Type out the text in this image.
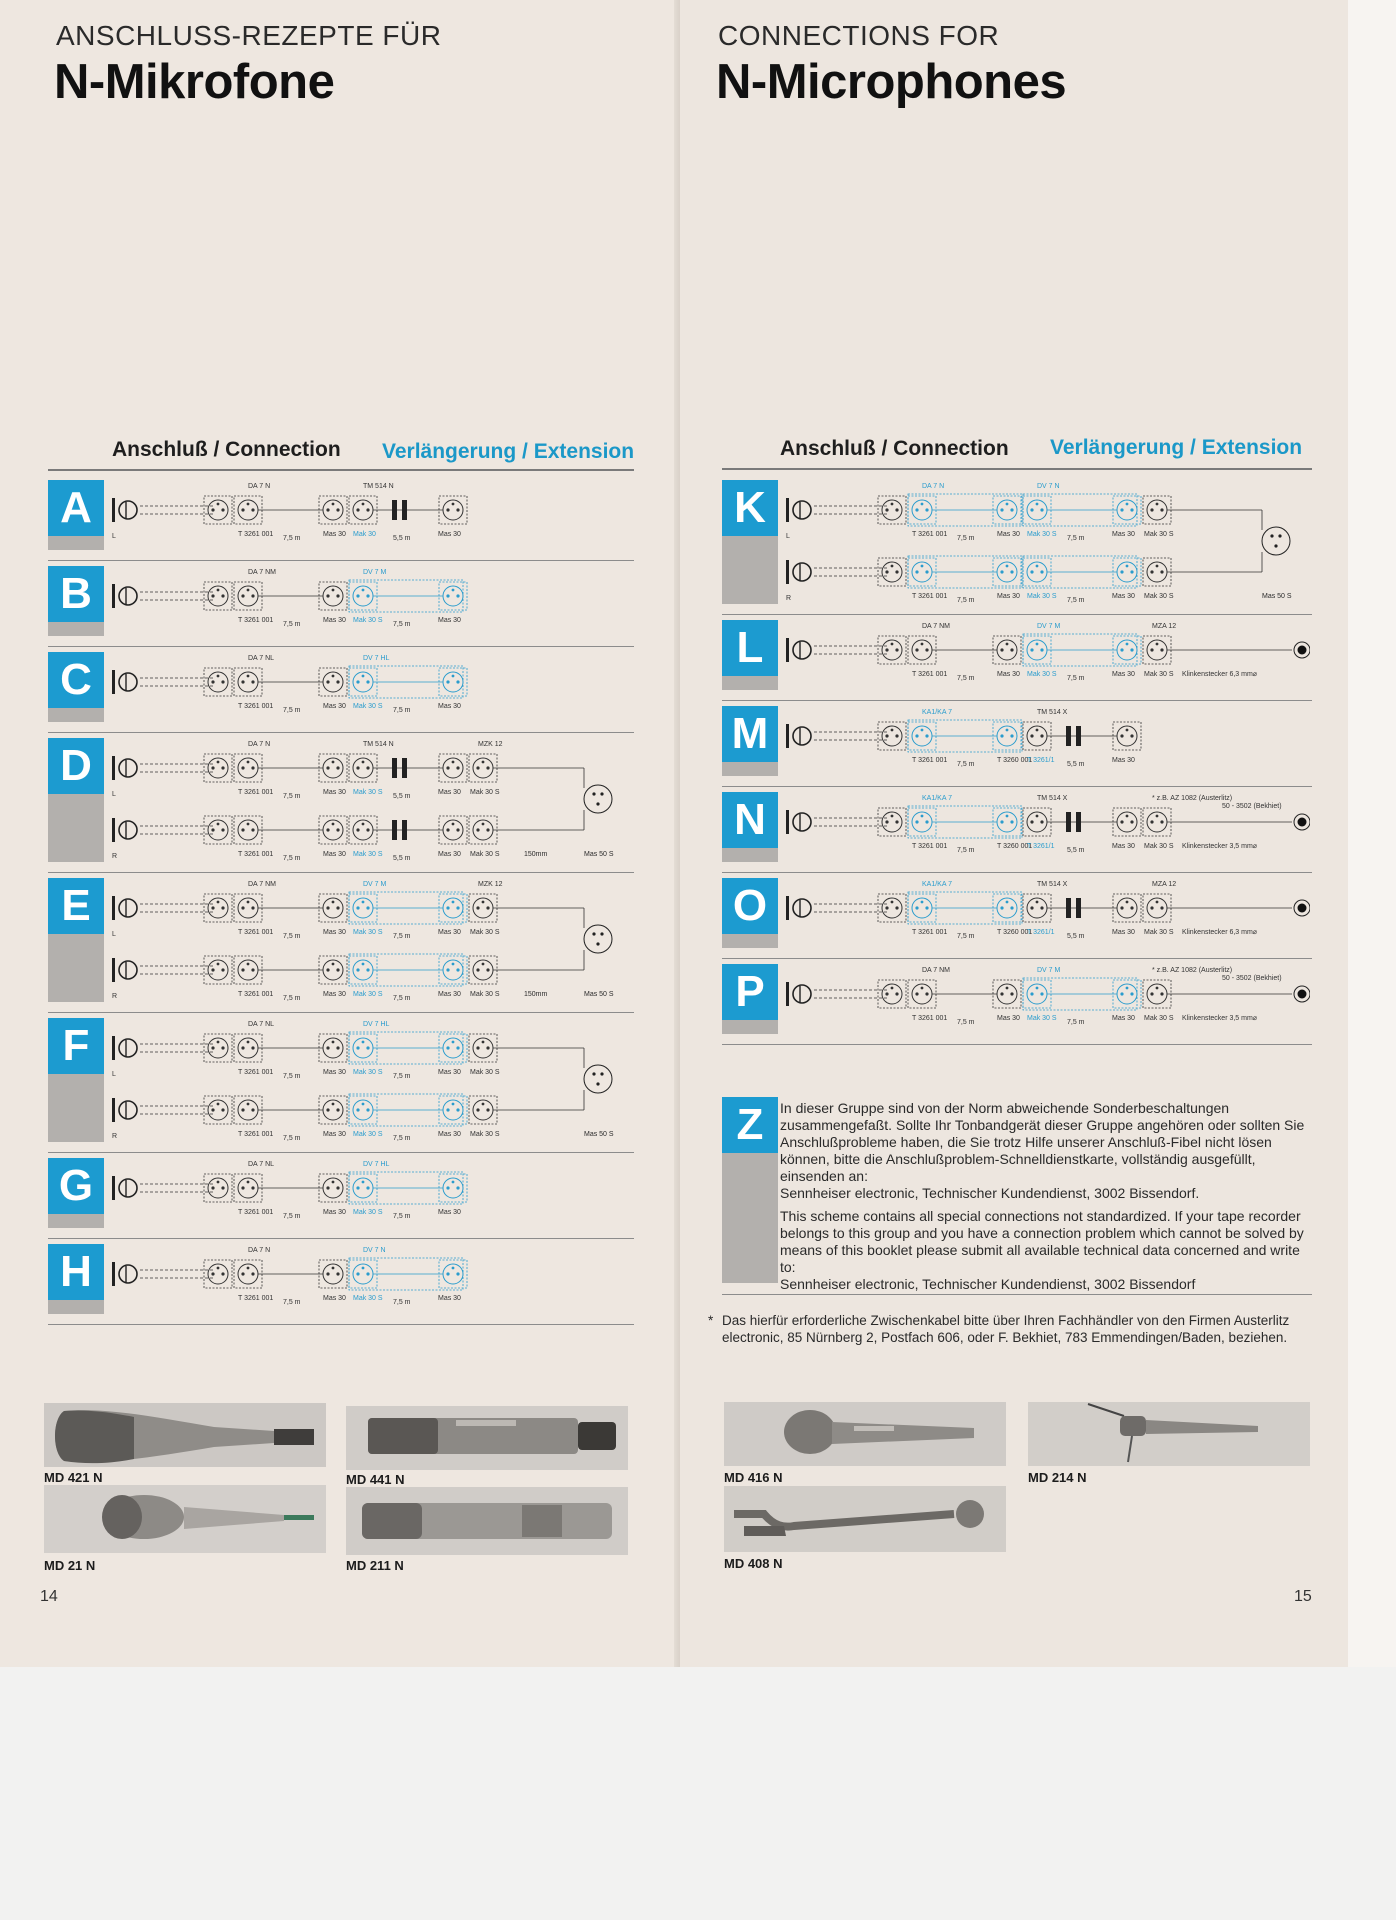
ANSCHLUSS-REZEPTE FÜR
N-Mikrofone
Anschluß / Connection Verlängerung / Extension
A	DA 7 N	TM 514 N
T 3261 001	Mas 30 Mak 30	Mas 30
7,5 m	5,5 m
L
B	DA 7 NM	DV 7 M
T 3261 001	Mas 30 Mak 30 S	Mas 30
7,5 m	7,5 m
C	DA 7 NL	DV 7 HL
T 3261 001	Mas 30 Mak 30 S	Mas 30
7,5 m	7,5 m
D	DA 7 N	TM 514 N	MZK 12
T 3261 001	Mas 30 Mak 30 S	Mas 30 Mak 30 S
7,5 m	5,5 m
L
T 3261 001	Mas 30 Mak 30 S	Mas 30 Mak 30 S
7,5 m	5,5 m
R	Mas 50 S
150mm
E	DA 7 NM	DV 7 M	MZK 12
T 3261 001	Mas 30 Mak 30 S	Mas 30 Mak 30 S
7,5 m	7,5 m
L
T 3261 001	Mas 30 Mak 30 S	Mas 30 Mak 30 S
7,5 m	7,5 m
R	Mas 50 S
150mm
F	DA 7 NL	DV 7 HL
T 3261 001	Mas 30 Mak 30 S	Mas 30 Mak 30 S
7,5 m	7,5 m
L
T 3261 001	Mas 30 Mak 30 S	Mas 30 Mak 30 S
7,5 m	7,5 m
R	Mas 50 S
G	DA 7 NL	DV 7 HL
T 3261 001	Mas 30 Mak 30 S	Mas 30
7,5 m	7,5 m
H	DA 7 N	DV 7 N
T 3261 001	Mas 30 Mak 30 S	Mas 30
7,5 m	7,5 m
MD 421 N	MD 441 N
MD 21 N	MD 211 N
14
CONNECTIONS FOR
N-Microphones
Anschluß / Connection Verlängerung / Extension
K	DA 7 N	DV 7 N
T 3261 001	Mas 30 Mak 30 S	Mas 30 Mak 30 S
7,5 m	7,5 m
L
T 3261 001	Mas 30 Mak 30 S	Mas 30 Mak 30 S
7,5 m	7,5 m
R	Mas 50 S
L	DA 7 NM	DV 7 M	MZA 12
T 3261 001	Mas 30 Mak 30 S	Mas 30 Mak 30 S Klinkenstecker 6,3 mm⌀
7,5 m	7,5 m
M	KA1/KA 7	TM 514 X
T 3261 001	T 3260 001
T 3261/1	Mas 30
7,5 m	5,5 m
N	KA1/KA 7	TM 514 X	* z.B. AZ 1082 (Austerlitz)
50 - 3502 (Bekhiet)
T 3261 001	T 3260 001
T 3261/1	Mas 30 Mak 30 S Klinkenstecker 3,5 mm⌀
7,5 m	5,5 m
O	KA1/KA 7	TM 514 X	MZA 12
T 3261 001	T 3260 001
T 3261/1	Mas 30 Mak 30 S Klinkenstecker 6,3 mm⌀
7,5 m	5,5 m
P	DA 7 NM	DV 7 M	* z.B. AZ 1082 (Austerlitz)
50 - 3502 (Bekhiet)
T 3261 001	Mas 30 Mak 30 S	Mas 30 Mak 30 S Klinkenstecker 3,5 mm⌀
7,5 m	7,5 m
Z	In dieser Gruppe sind von der Norm abweichende Sonderbeschaltungen zusammengefaßt. Sollte Ihr Tonbandgerät dieser Gruppe angehören oder sollten Sie Anschlußprobleme haben, die Sie trotz Hilfe unserer Anschluß-Fibel nicht lösen können, bitte die Anschlußproblem-Schnelldienstkarte, vollständig ausgefüllt, einsenden an:

Sennheiser electronic, Technischer Kundendienst, 3002 Bissendorf.

This scheme contains all special connections not standardized. If your tape recorder belongs to this group and you have a connection problem which cannot be solved by means of this booklet please submit all available technical data concerned and write to:

Sennheiser electronic, Technischer Kundendienst, 3002 Bissendorf

* Das hierfür erforderliche Zwischenkabel bitte über Ihren Fachhändler von den Firmen Austerlitz electronic, 85 Nürnberg 2, Postfach 606, oder F. Bekhiet, 783 Emmendingen/Baden, beziehen.
MD 416 N	MD 214 N
MD 408 N
15
